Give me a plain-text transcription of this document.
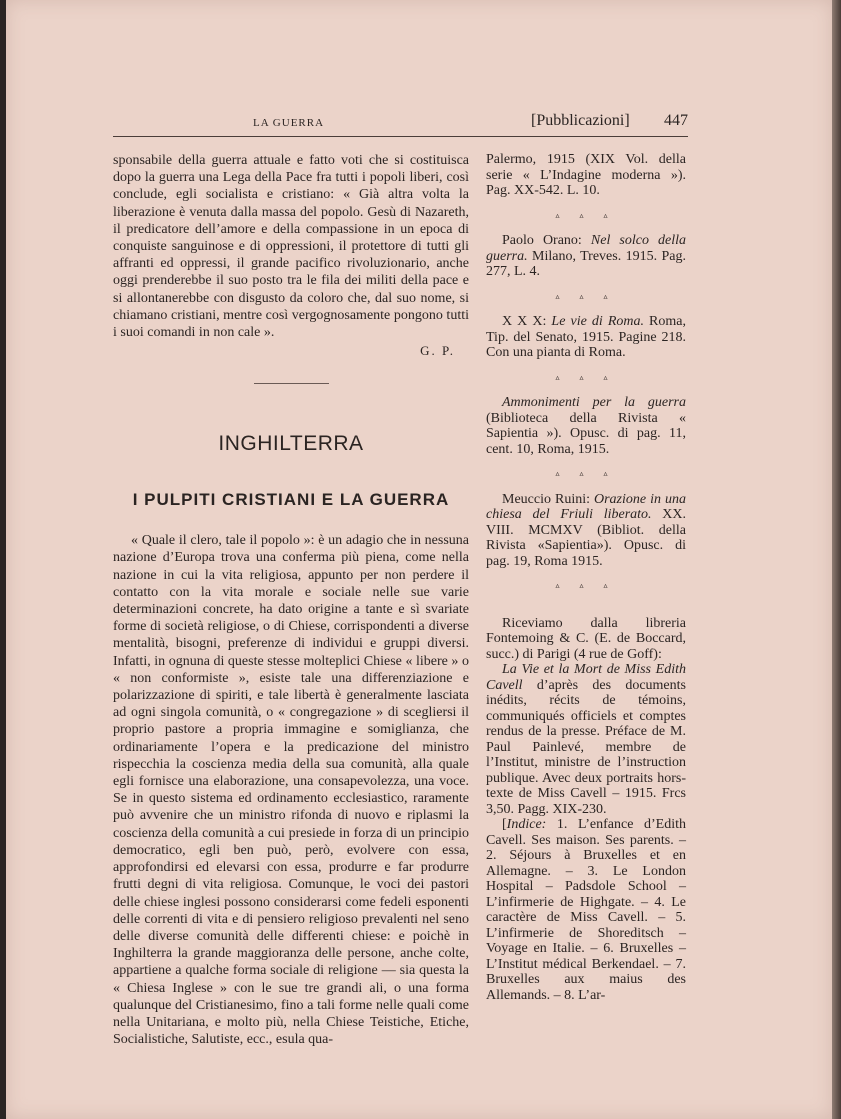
LA GUERRA	[Pubblicazioni] 447

sponsabile della guerra attuale e fatto voti che si costituisca dopo la guerra una Lega della Pace fra tutti i popoli liberi, così conclude, egli socialista e cristiano: « Già altra volta la liberazione è venuta dalla massa del popolo. Gesù di Nazareth, il predicatore dell’amore e della compassione in un epoca di conquiste sanguinose e di oppressioni, il protettore di tutti gli affranti ed oppressi, il grande pacifico rivoluzionario, anche oggi prenderebbe il suo posto tra le fila dei militi della pace e si allontanerebbe con disgusto da coloro che, dal suo nome, si chiamano cristiani, mentre così vergognosamente pongono tutti i suoi comandi in non cale ».

G. P.
INGHILTERRA
I PULPITI CRISTIANI E LA GUERRA

« Quale il clero, tale il popolo »: è un adagio che in nessuna nazione d’Europa trova una conferma più piena, come nella nazione in cui la vita religiosa, appunto per non perdere il contatto con la vita morale e sociale nelle sue varie determinazioni concrete, ha dato origine a tante e sì svariate forme di società religiose, o di Chiese, corrispondenti a diverse mentalità, bisogni, preferenze di individui e gruppi diversi. Infatti, in ognuna di queste stesse molteplici Chiese « libere » o « non conformiste », esiste tale una differenziazione e polarizzazione di spiriti, e tale libertà è generalmente lasciata ad ogni singola comunità, o « congregazione » di scegliersi il proprio pastore a propria immagine e somiglianza, che ordinariamente l’opera e la predicazione del ministro rispecchia la coscienza media della sua comunità, alla quale egli fornisce una elaborazione, una consapevolezza, una voce. Se in questo sistema ed ordinamento ecclesiastico, raramente può avvenire che un ministro rifonda di nuovo e riplasmi la coscienza della comunità a cui presiede in forza di un principio democratico, egli ben può, però, evolvere con essa, approfondirsi ed elevarsi con essa, produrre e far produrre frutti degni di vita religiosa. Comunque, le voci dei pastori delle chiese inglesi possono considerarsi come fedeli esponenti delle correnti di vita e di pensiero religioso prevalenti nel seno delle diverse comunità delle differenti chiese: e poichè in Inghilterra la grande maggioranza delle persone, anche colte, appartiene a qualche forma sociale di religione — sia questa la « Chiesa Inglese » con le sue tre grandi ali, o una forma qualunque del Cristianesimo, fino a tali forme nelle quali come nella Unitariana, e molto più, nella Chiese Teistiche, Etiche, Socialistiche, Salutiste, ecc., esula qua-

Palermo, 1915 (XIX Vol. della serie « L’Indagine moderna »). Pag. XX-542. L. 10.

▵ ▵ ▵

Paolo Orano: Nel solco della guerra. Milano, Treves. 1915. Pag. 277, L. 4.

▵ ▵ ▵

X X X: Le vie di Roma. Roma, Tip. del Senato, 1915. Pagine 218. Con una pianta di Roma.

▵ ▵ ▵

Ammonimenti per la guerra (Biblioteca della Rivista « Sapientia »). Opusc. di pag. 11, cent. 10, Roma, 1915.

▵ ▵ ▵

Meuccio Ruini: Orazione in una chiesa del Friuli liberato. XX. VIII. MCMXV (Bibliot. della Rivista «Sapientia»). Opusc. di pag. 19, Roma 1915.

▵ ▵ ▵

Riceviamo dalla libreria Fontemoing & C. (E. de Boccard, succ.) di Parigi (4 rue de Goff):

La Vie et la Mort de Miss Edith Cavell d’après des documents inédits, récits de témoins, communiqués officiels et comptes rendus de la presse. Préface de M. Paul Painlevé, membre de l’Institut, ministre de l’instruction publique. Avec deux portraits hors-texte de Miss Cavell – 1915. Frcs 3,50. Pagg. XIX-230.

[Indice: 1. L’enfance d’Edith Cavell. Ses maison. Ses parents. – 2. Séjours à Bruxelles et en Allemagne. – 3. Le London Hospital – Padsdole School – L’infirmerie de Highgate. – 4. Le caractère de Miss Cavell. – 5. L’infirmerie de Shoreditsch – Voyage en Italie. – 6. Bruxelles – L’Institut médical Berkendael. – 7. Bruxelles aux maius des Allemands. – 8. L’ar-
